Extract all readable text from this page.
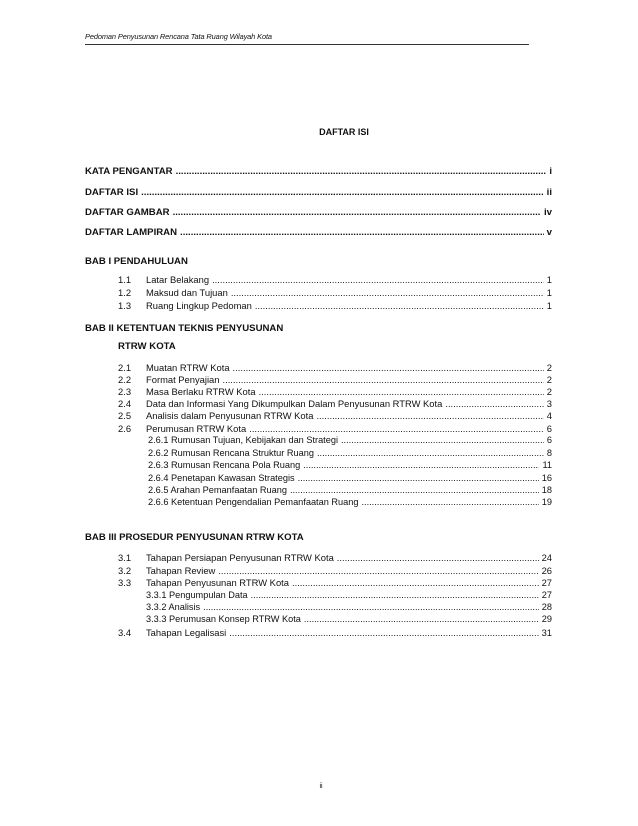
Pedoman Penyusunan Rencana Tata Ruang Wilayah Kota
DAFTAR ISI
KATA PENGANTAR .....	i
DAFTAR ISI .....	ii
DAFTAR GAMBAR .....	iv
DAFTAR LAMPIRAN .....	v
BAB I PENDAHULUAN
1.1 Latar Belakang .....	1
1.2 Maksud dan Tujuan .....	1
1.3 Ruang Lingkup Pedoman .....	1
BAB II KETENTUAN TEKNIS PENYUSUNAN
RTRW KOTA
2.1 Muatan RTRW Kota .....	2
2.2 Format Penyajian .....	2
2.3 Masa Berlaku RTRW Kota .....	2
2.4 Data dan Informasi Yang Dikumpulkan Dalam Penyusunan RTRW Kota .....	3
2.5 Analisis dalam Penyusunan RTRW Kota .....	4
2.6 Perumusan RTRW Kota .....	6
2.6.1 Rumusan Tujuan, Kebijakan dan Strategi .....	6
2.6.2 Rumusan Rencana Struktur Ruang .....	8
2.6.3 Rumusan Rencana Pola Ruang .....	11
2.6.4 Penetapan Kawasan Strategis .....	16
2.6.5 Arahan Pemanfaatan Ruang .....	18
2.6.6 Ketentuan Pengendalian Pemanfaatan Ruang .....	19
BAB III PROSEDUR PENYUSUNAN RTRW KOTA
3.1 Tahapan Persiapan Penyusunan RTRW Kota .....	24
3.2 Tahapan Review .....	26
3.3 Tahapan Penyusunan RTRW Kota .....	27
3.3.1 Pengumpulan Data .....	27
3.3.2 Analisis .....	28
3.3.3 Perumusan Konsep RTRW Kota .....	29
3.4 Tahapan Legalisasi .....	31
ii
